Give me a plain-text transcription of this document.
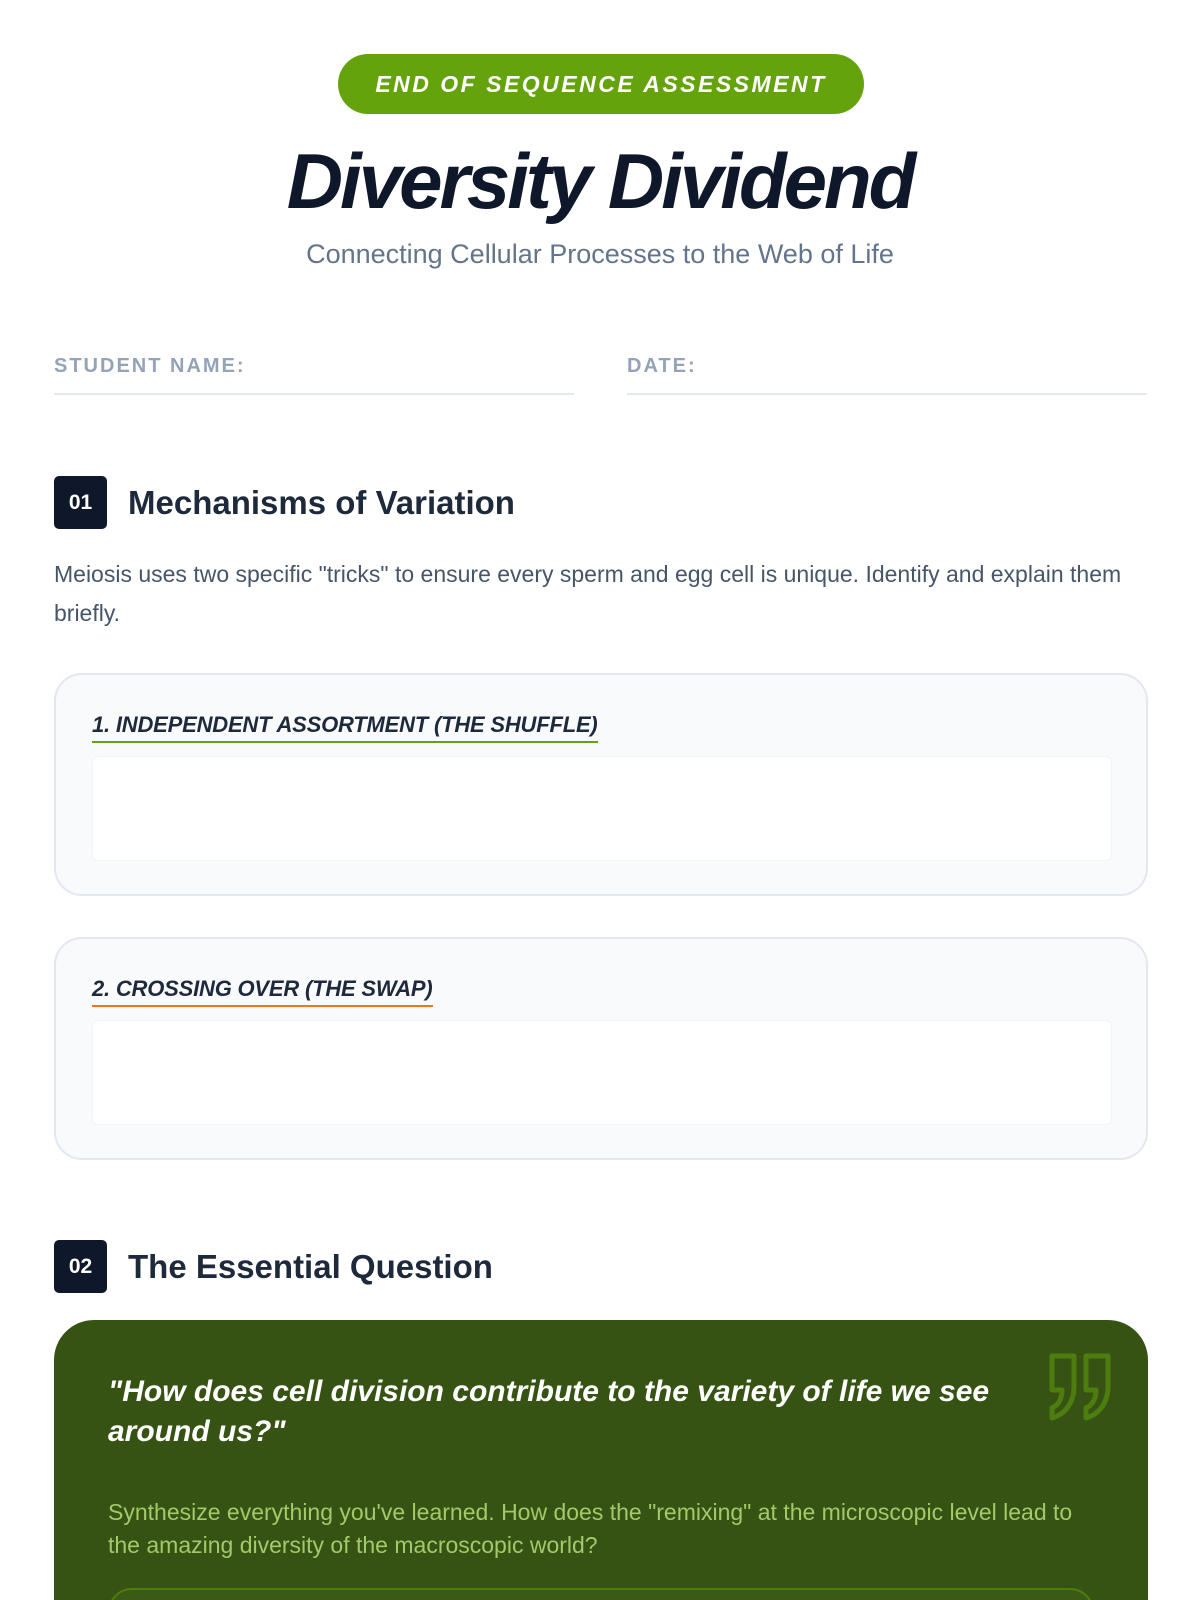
END OF SEQUENCE ASSESSMENT
Diversity Dividend
Connecting Cellular Processes to the Web of Life
STUDENT NAME:	DATE:
01	Mechanisms of Variation

Meiosis uses two specific "tricks" to ensure every sperm and egg cell is unique. Identify and explain them briefly.

1. INDEPENDENT ASSORTMENT (THE SHUFFLE)
2. CROSSING OVER (THE SWAP)
02	The Essential Question
"How does cell division contribute to the variety of life we see around us?"
Synthesize everything you've learned. How does the "remixing" at the microscopic level lead to the amazing diversity of the macroscopic world?
